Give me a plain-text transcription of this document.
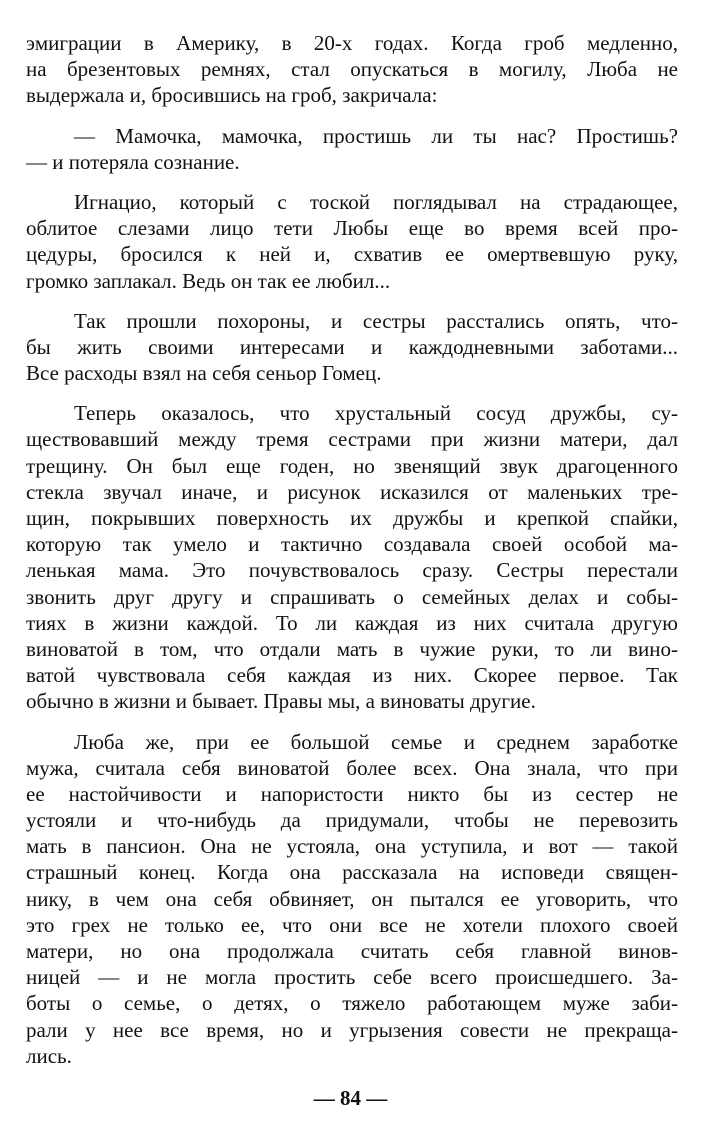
эмиграции в Америку, в 20-х годах. Когда гроб медленно,
на брезентовых ремнях, стал опускаться в могилу, Люба не
выдержала и, бросившись на гроб, закричала:
— Мамочка, мамочка, простишь ли ты нас? Простишь?
— и потеряла сознание.
Игнацио, который с тоской поглядывал на страдающее,
облитое слезами лицо тети Любы еще во время всей про-
цедуры, бросился к ней и, схватив ее омертвевшую руку,
громко заплакал. Ведь он так ее любил...
Так прошли похороны, и сестры расстались опять, что-
бы жить своими интересами и каждодневными заботами...
Все расходы взял на себя сеньор Гомец.
Теперь оказалось, что хрустальный сосуд дружбы, су-
ществовавший между тремя сестрами при жизни матери, дал
трещину. Он был еще годен, но звенящий звук драгоценного
стекла звучал иначе, и рисунок исказился от маленьких тре-
щин, покрывших поверхность их дружбы и крепкой спайки,
которую так умело и тактично создавала своей особой ма-
ленькая мама. Это почувствовалось сразу. Сестры перестали
звонить друг другу и спрашивать о семейных делах и собы-
тиях в жизни каждой. То ли каждая из них считала другую
виноватой в том, что отдали мать в чужие руки, то ли вино-
ватой чувствовала себя каждая из них. Скорее первое. Так
обычно в жизни и бывает. Правы мы, а виноваты другие.
Люба же, при ее большой семье и среднем заработке
мужа, считала себя виноватой более всех. Она знала, что при
ее настойчивости и напористости никто бы из сестер не
устояли и что-нибудь да придумали, чтобы не перевозить
мать в пансион. Она не устояла, она уступила, и вот — такой
страшный конец. Когда она рассказала на исповеди священ-
нику, в чем она себя обвиняет, он пытался ее уговорить, что
это грех не только ее, что они все не хотели плохого своей
матери, но она продолжала считать себя главной винов-
ницей — и не могла простить себе всего происшедшего. За-
боты о семье, о детях, о тяжело работающем муже заби-
рали у нее все время, но и угрызения совести не прекраща-
лись.
— 84 —
